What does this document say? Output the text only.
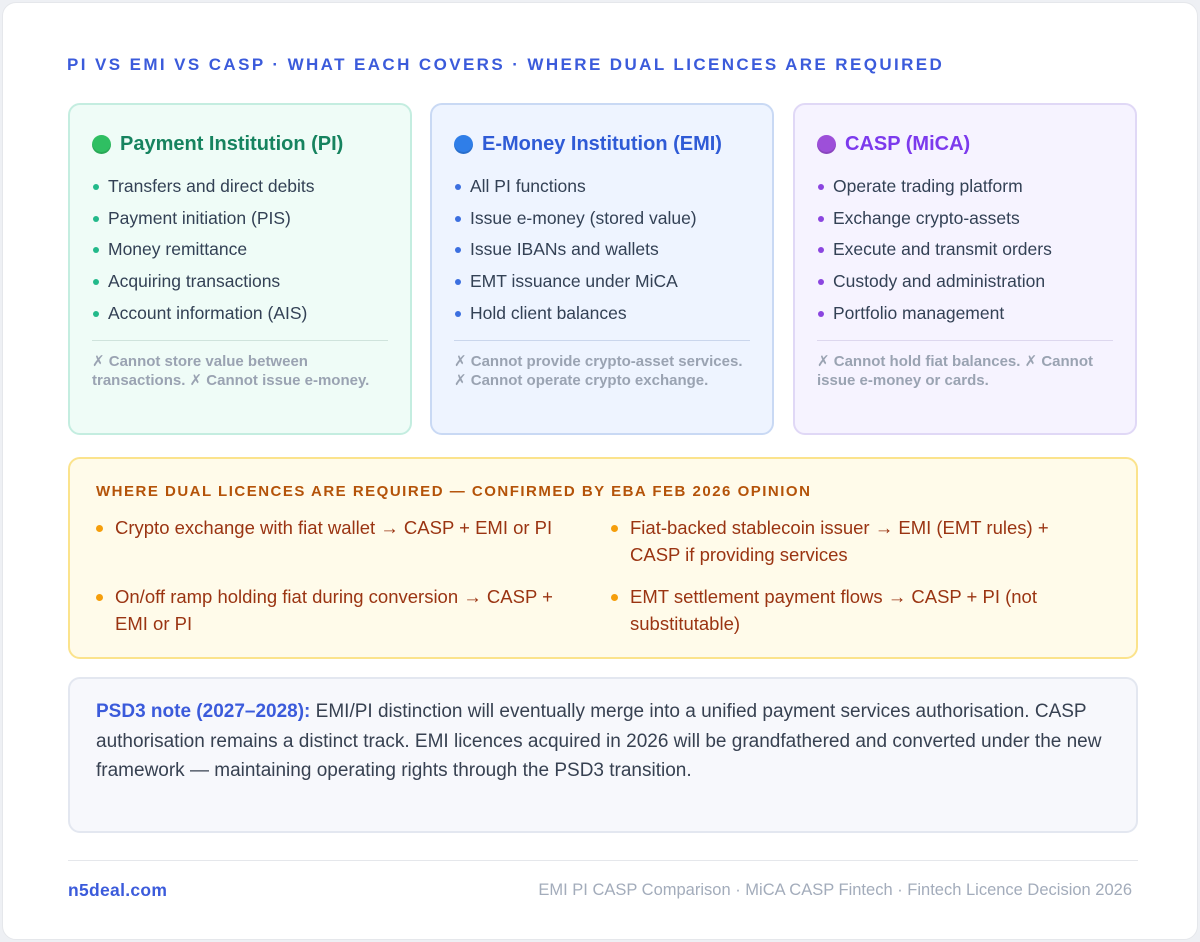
PI VS EMI VS CASP · WHAT EACH COVERS · WHERE DUAL LICENCES ARE REQUIRED
Payment Institution (PI)
Transfers and direct debits
Payment initiation (PIS)
Money remittance
Acquiring transactions
Account information (AIS)
✗ Cannot store value between transactions. ✗ Cannot issue e-money.
E-Money Institution (EMI)
All PI functions
Issue e-money (stored value)
Issue IBANs and wallets
EMT issuance under MiCA
Hold client balances
✗ Cannot provide crypto-asset services. ✗ Cannot operate crypto exchange.
CASP (MiCA)
Operate trading platform
Exchange crypto-assets
Execute and transmit orders
Custody and administration
Portfolio management
✗ Cannot hold fiat balances. ✗ Cannot issue e-money or cards.
WHERE DUAL LICENCES ARE REQUIRED — CONFIRMED BY EBA FEB 2026 OPINION
Crypto exchange with fiat wallet → CASP + EMI or PI	Fiat-backed stablecoin issuer → EMI (EMT rules) + CASP if providing services
On/off ramp holding fiat during conversion → CASP + EMI or PI
EMT settlement payment flows → CASP + PI (not substitutable)
PSD3 note (2027–2028): EMI/PI distinction will eventually merge into a unified payment services authorisation. CASP authorisation remains a distinct track. EMI licences acquired in 2026 will be grandfathered and converted under the new framework — maintaining operating rights through the PSD3 transition.
n5deal.com	EMI PI CASP Comparison · MiCA CASP Fintech · Fintech Licence Decision 2026
